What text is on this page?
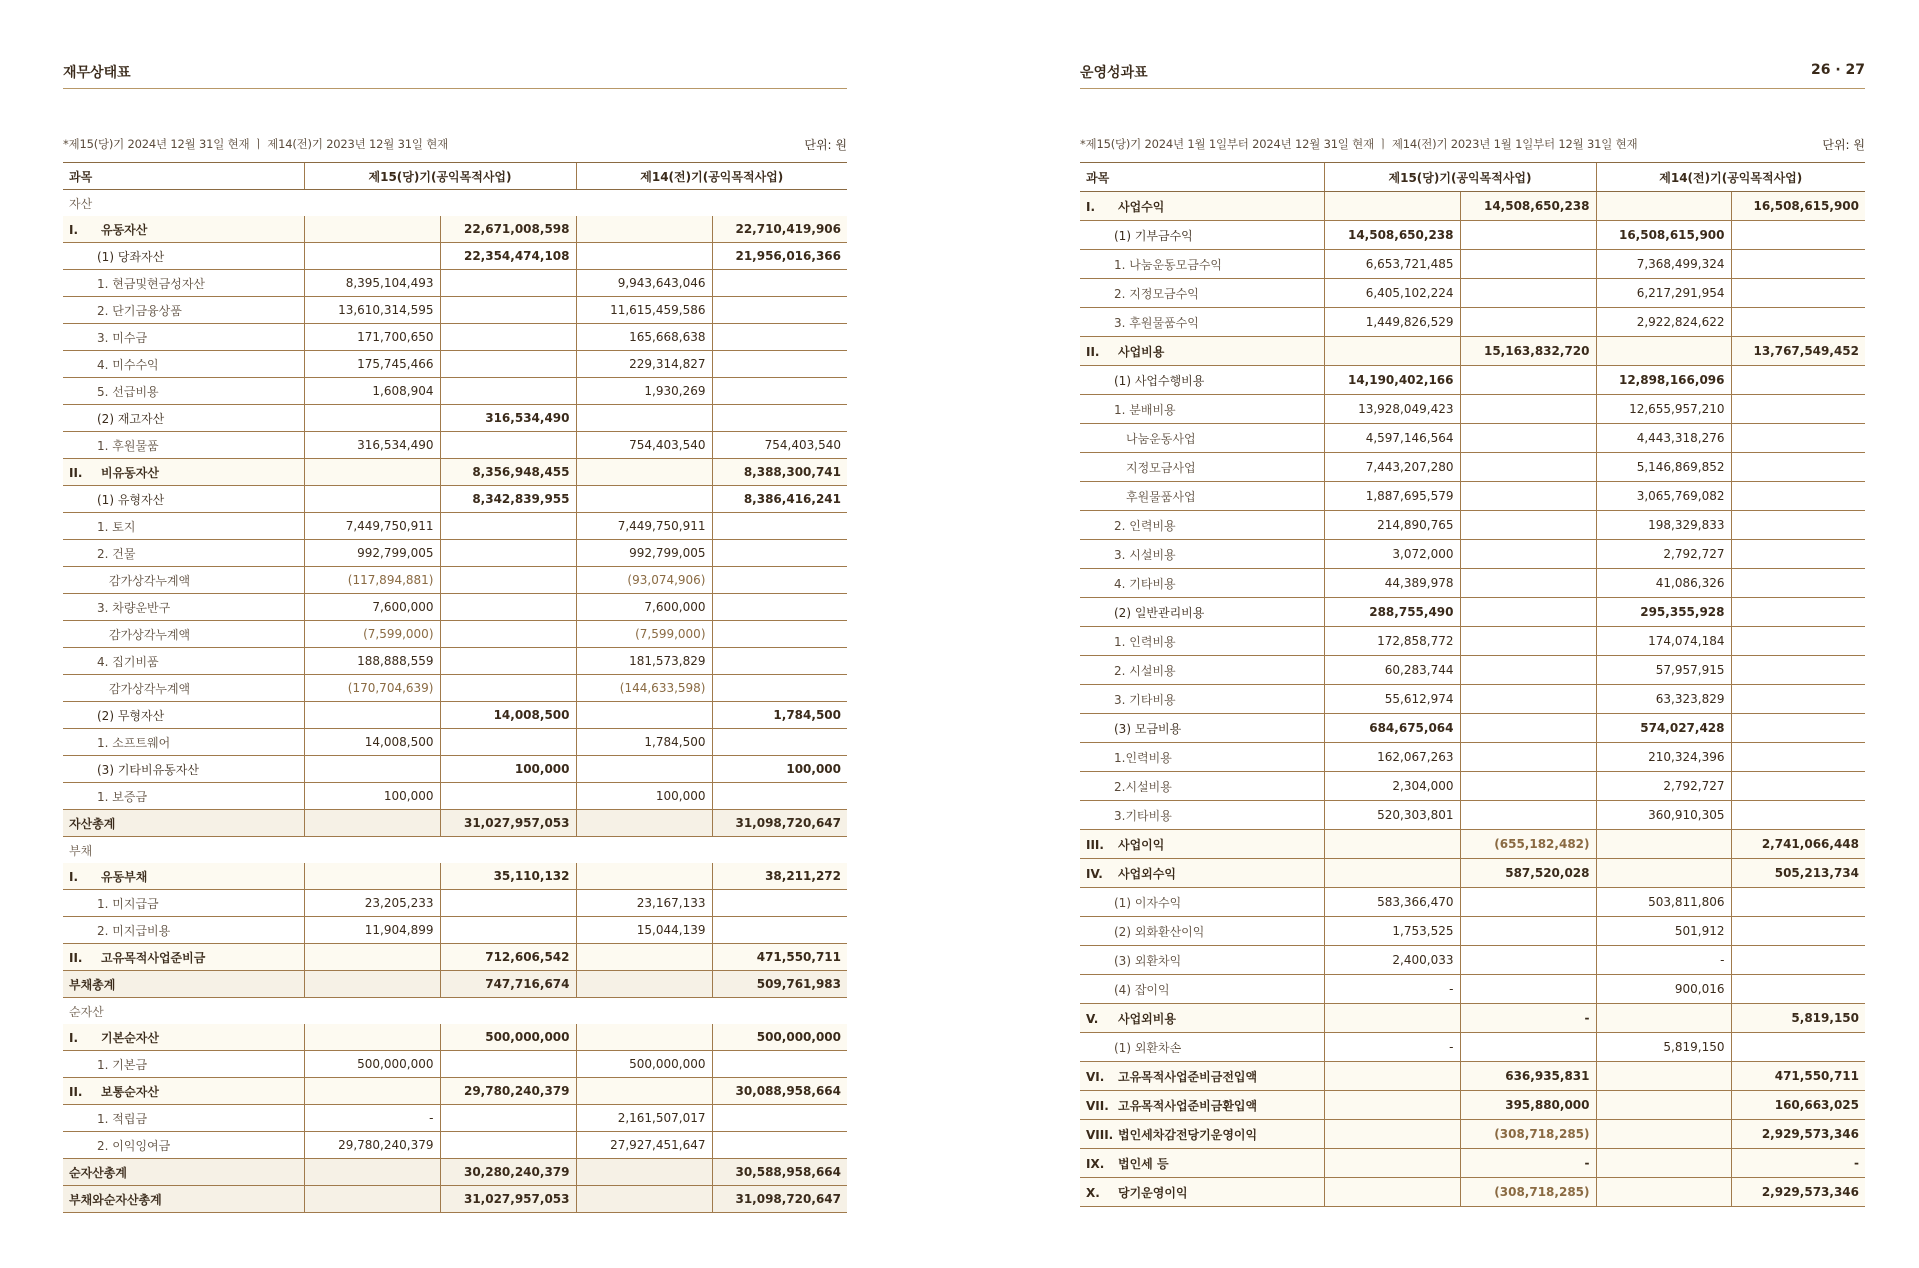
재무상태표
*제15(당)기 2024년 12월 31일 현재 ㅣ 제14(전)기 2023년 12월 31일 현재	단위: 원
과목	제15(당)기(공익목적사업)		제14(전)기(공익목적사업)	
자산				
I. 유동자산		22,671,008,598		22,710,419,906
(1) 당좌자산		22,354,474,108		21,956,016,366
1. 현금및현금성자산	8,395,104,493		9,943,643,046	
2. 단기금융상품	13,610,314,595		11,615,459,586	
3. 미수금	171,700,650		165,668,638	
4. 미수수익	175,745,466		229,314,827	
5. 선급비용	1,608,904		1,930,269	
(2) 재고자산		316,534,490		
1. 후원물품	316,534,490		754,403,540	754,403,540
II. 비유동자산		8,356,948,455		8,388,300,741
(1) 유형자산		8,342,839,955		8,386,416,241
1. 토지	7,449,750,911		7,449,750,911	
2. 건물	992,799,005		992,799,005	
감가상각누계액	(117,894,881)		(93,074,906)	
3. 차량운반구	7,600,000		7,600,000	
감가상각누계액	(7,599,000)		(7,599,000)	
4. 집기비품	188,888,559		181,573,829	
감가상각누계액	(170,704,639)		(144,633,598)	
(2) 무형자산		14,008,500		1,784,500
1. 소프트웨어	14,008,500		1,784,500	
(3) 기타비유동자산		100,000		100,000
1. 보증금	100,000		100,000	
자산총계		31,027,957,053		31,098,720,647
부채				
I. 유동부채		35,110,132		38,211,272
1. 미지급금	23,205,233		23,167,133	
2. 미지급비용	11,904,899		15,044,139	
II. 고유목적사업준비금		712,606,542		471,550,711
부채총계		747,716,674		509,761,983
순자산				
I. 기본순자산		500,000,000		500,000,000
1. 기본금	500,000,000		500,000,000	
II. 보통순자산		29,780,240,379		30,088,958,664
1. 적립금	-		2,161,507,017	
2. 이익잉여금	29,780,240,379		27,927,451,647	
순자산총계		30,280,240,379		30,588,958,664
부채와순자산총계		31,027,957,053		31,098,720,647
운영성과표	26 · 27
*제15(당)기 2024년 1월 1일부터 2024년 12월 31일 현재 ㅣ 제14(전)기 2023년 1월 1일부터 12월 31일 현재	단위: 원
과목	제15(당)기(공익목적사업)		제14(전)기(공익목적사업)	
I. 사업수익		14,508,650,238		16,508,615,900
(1) 기부금수익	14,508,650,238		16,508,615,900	
1. 나눔운동모금수익	6,653,721,485		7,368,499,324	
2. 지정모금수익	6,405,102,224		6,217,291,954	
3. 후원물품수익	1,449,826,529		2,922,824,622	
II. 사업비용		15,163,832,720		13,767,549,452
(1) 사업수행비용	14,190,402,166		12,898,166,096	
1. 분배비용	13,928,049,423		12,655,957,210	
나눔운동사업	4,597,146,564		4,443,318,276	
지정모금사업	7,443,207,280		5,146,869,852	
후원물품사업	1,887,695,579		3,065,769,082	
2. 인력비용	214,890,765		198,329,833	
3. 시설비용	3,072,000		2,792,727	
4. 기타비용	44,389,978		41,086,326	
(2) 일반관리비용	288,755,490		295,355,928	
1. 인력비용	172,858,772		174,074,184	
2. 시설비용	60,283,744		57,957,915	
3. 기타비용	55,612,974		63,323,829	
(3) 모금비용	684,675,064		574,027,428	
1.인력비용	162,067,263		210,324,396	
2.시설비용	2,304,000		2,792,727	
3.기타비용	520,303,801		360,910,305	
III. 사업이익		(655,182,482)		2,741,066,448
IV. 사업외수익		587,520,028		505,213,734
(1) 이자수익	583,366,470		503,811,806	
(2) 외화환산이익	1,753,525		501,912	
(3) 외환차익	2,400,033		-	
(4) 잡이익	-		900,016	
V. 사업외비용		-		5,819,150
(1) 외환차손	-		5,819,150	
VI. 고유목적사업준비금전입액		636,935,831		471,550,711
VII. 고유목적사업준비금환입액		395,880,000		160,663,025
VIII. 법인세차감전당기운영이익		(308,718,285)		2,929,573,346
IX. 법인세 등		-		-
X. 당기운영이익		(308,718,285)		2,929,573,346
